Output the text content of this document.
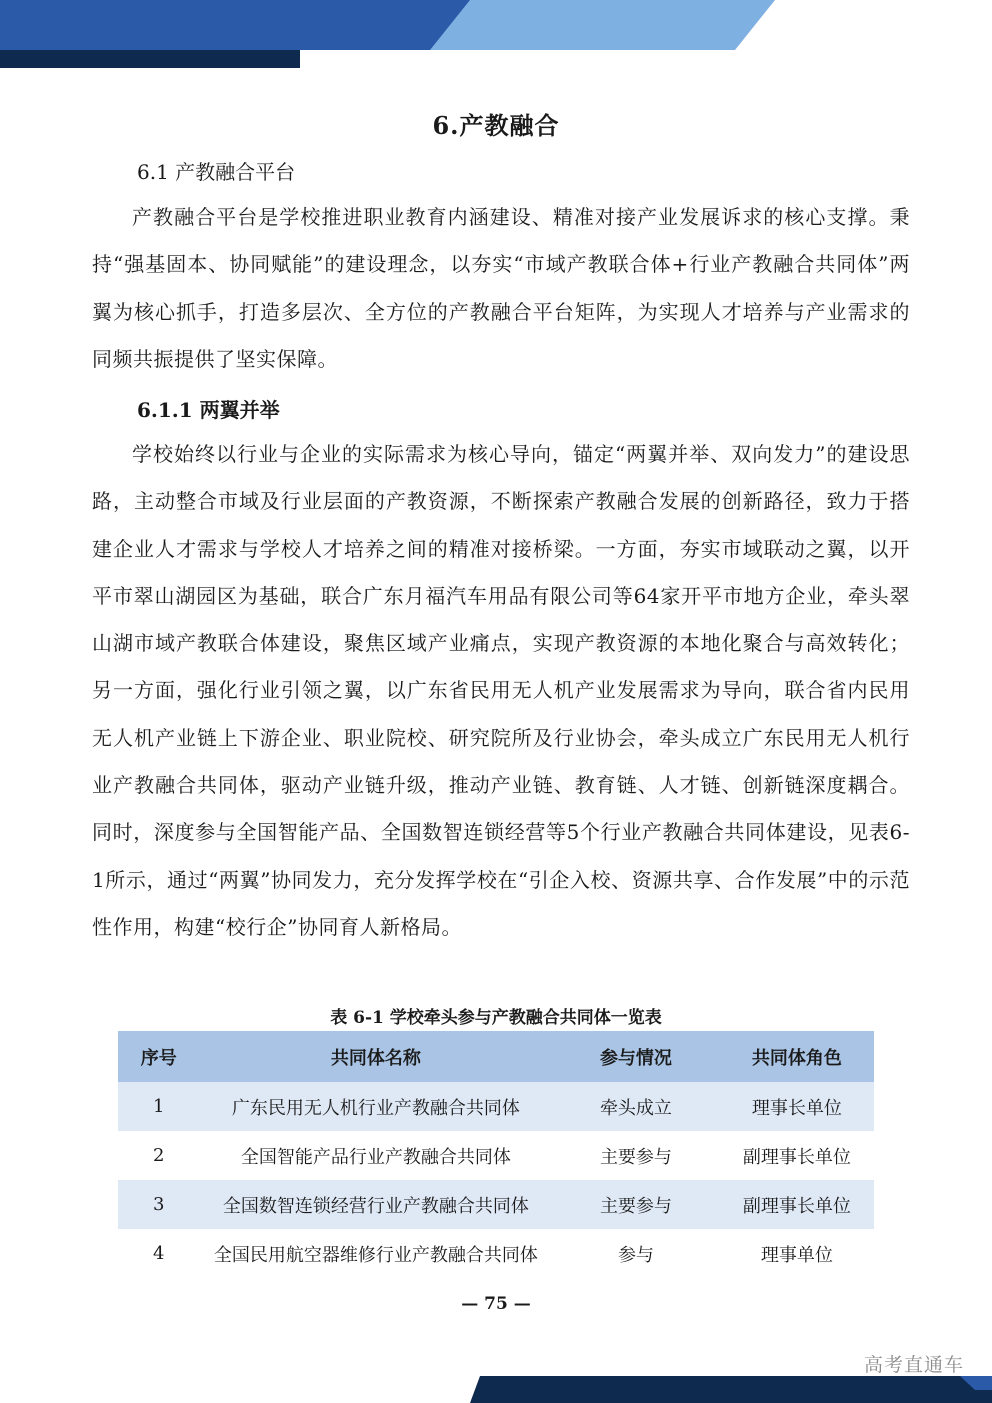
6.产教融合
6.1 产教融合平台

产教融合平台是学校推进职业教育内涵建设、精准对接产业发展诉求的核心支撑。秉持“强基固本、协同赋能”的建设理念，以夯实“市域产教联合体+行业产教融合共同体”两翼为核心抓手，打造多层次、全方位的产教融合平台矩阵，为实现人才培养与产业需求的同频共振提供了坚实保障。

6.1.1 两翼并举

学校始终以行业与企业的实际需求为核心导向，锚定“两翼并举、双向发力”的建设思路，主动整合市域及行业层面的产教资源，不断探索产教融合发展的创新路径，致力于搭建企业人才需求与学校人才培养之间的精准对接桥梁。一方面，夯实市域联动之翼，以开平市翠山湖园区为基础，联合广东月福汽车用品有限公司等64家开平市地方企业，牵头翠山湖市域产教联合体建设，聚焦区域产业痛点，实现产教资源的本地化聚合与高效转化；另一方面，强化行业引领之翼，以广东省民用无人机产业发展需求为导向，联合省内民用无人机产业链上下游企业、职业院校、研究院所及行业协会，牵头成立广东民用无人机行业产教融合共同体，驱动产业链升级，推动产业链、教育链、人才链、创新链深度耦合。同时，深度参与全国智能产品、全国数智连锁经营等5个行业产教融合共同体建设，见表6-1所示，通过“两翼”协同发力，充分发挥学校在“引企入校、资源共享、合作发展”中的示范性作用，构建“校行企”协同育人新格局。

表 6-1 学校牵头参与产教融合共同体一览表
序号	共同体名称	参与情况	共同体角色
1	广东民用无人机行业产教融合共同体	牵头成立	理事长单位
2	全国智能产品行业产教融合共同体	主要参与	副理事长单位
3	全国数智连锁经营行业产教融合共同体	主要参与	副理事长单位
4	全国民用航空器维修行业产教融合共同体	参与	理事单位
— 75 —
高考直通车
